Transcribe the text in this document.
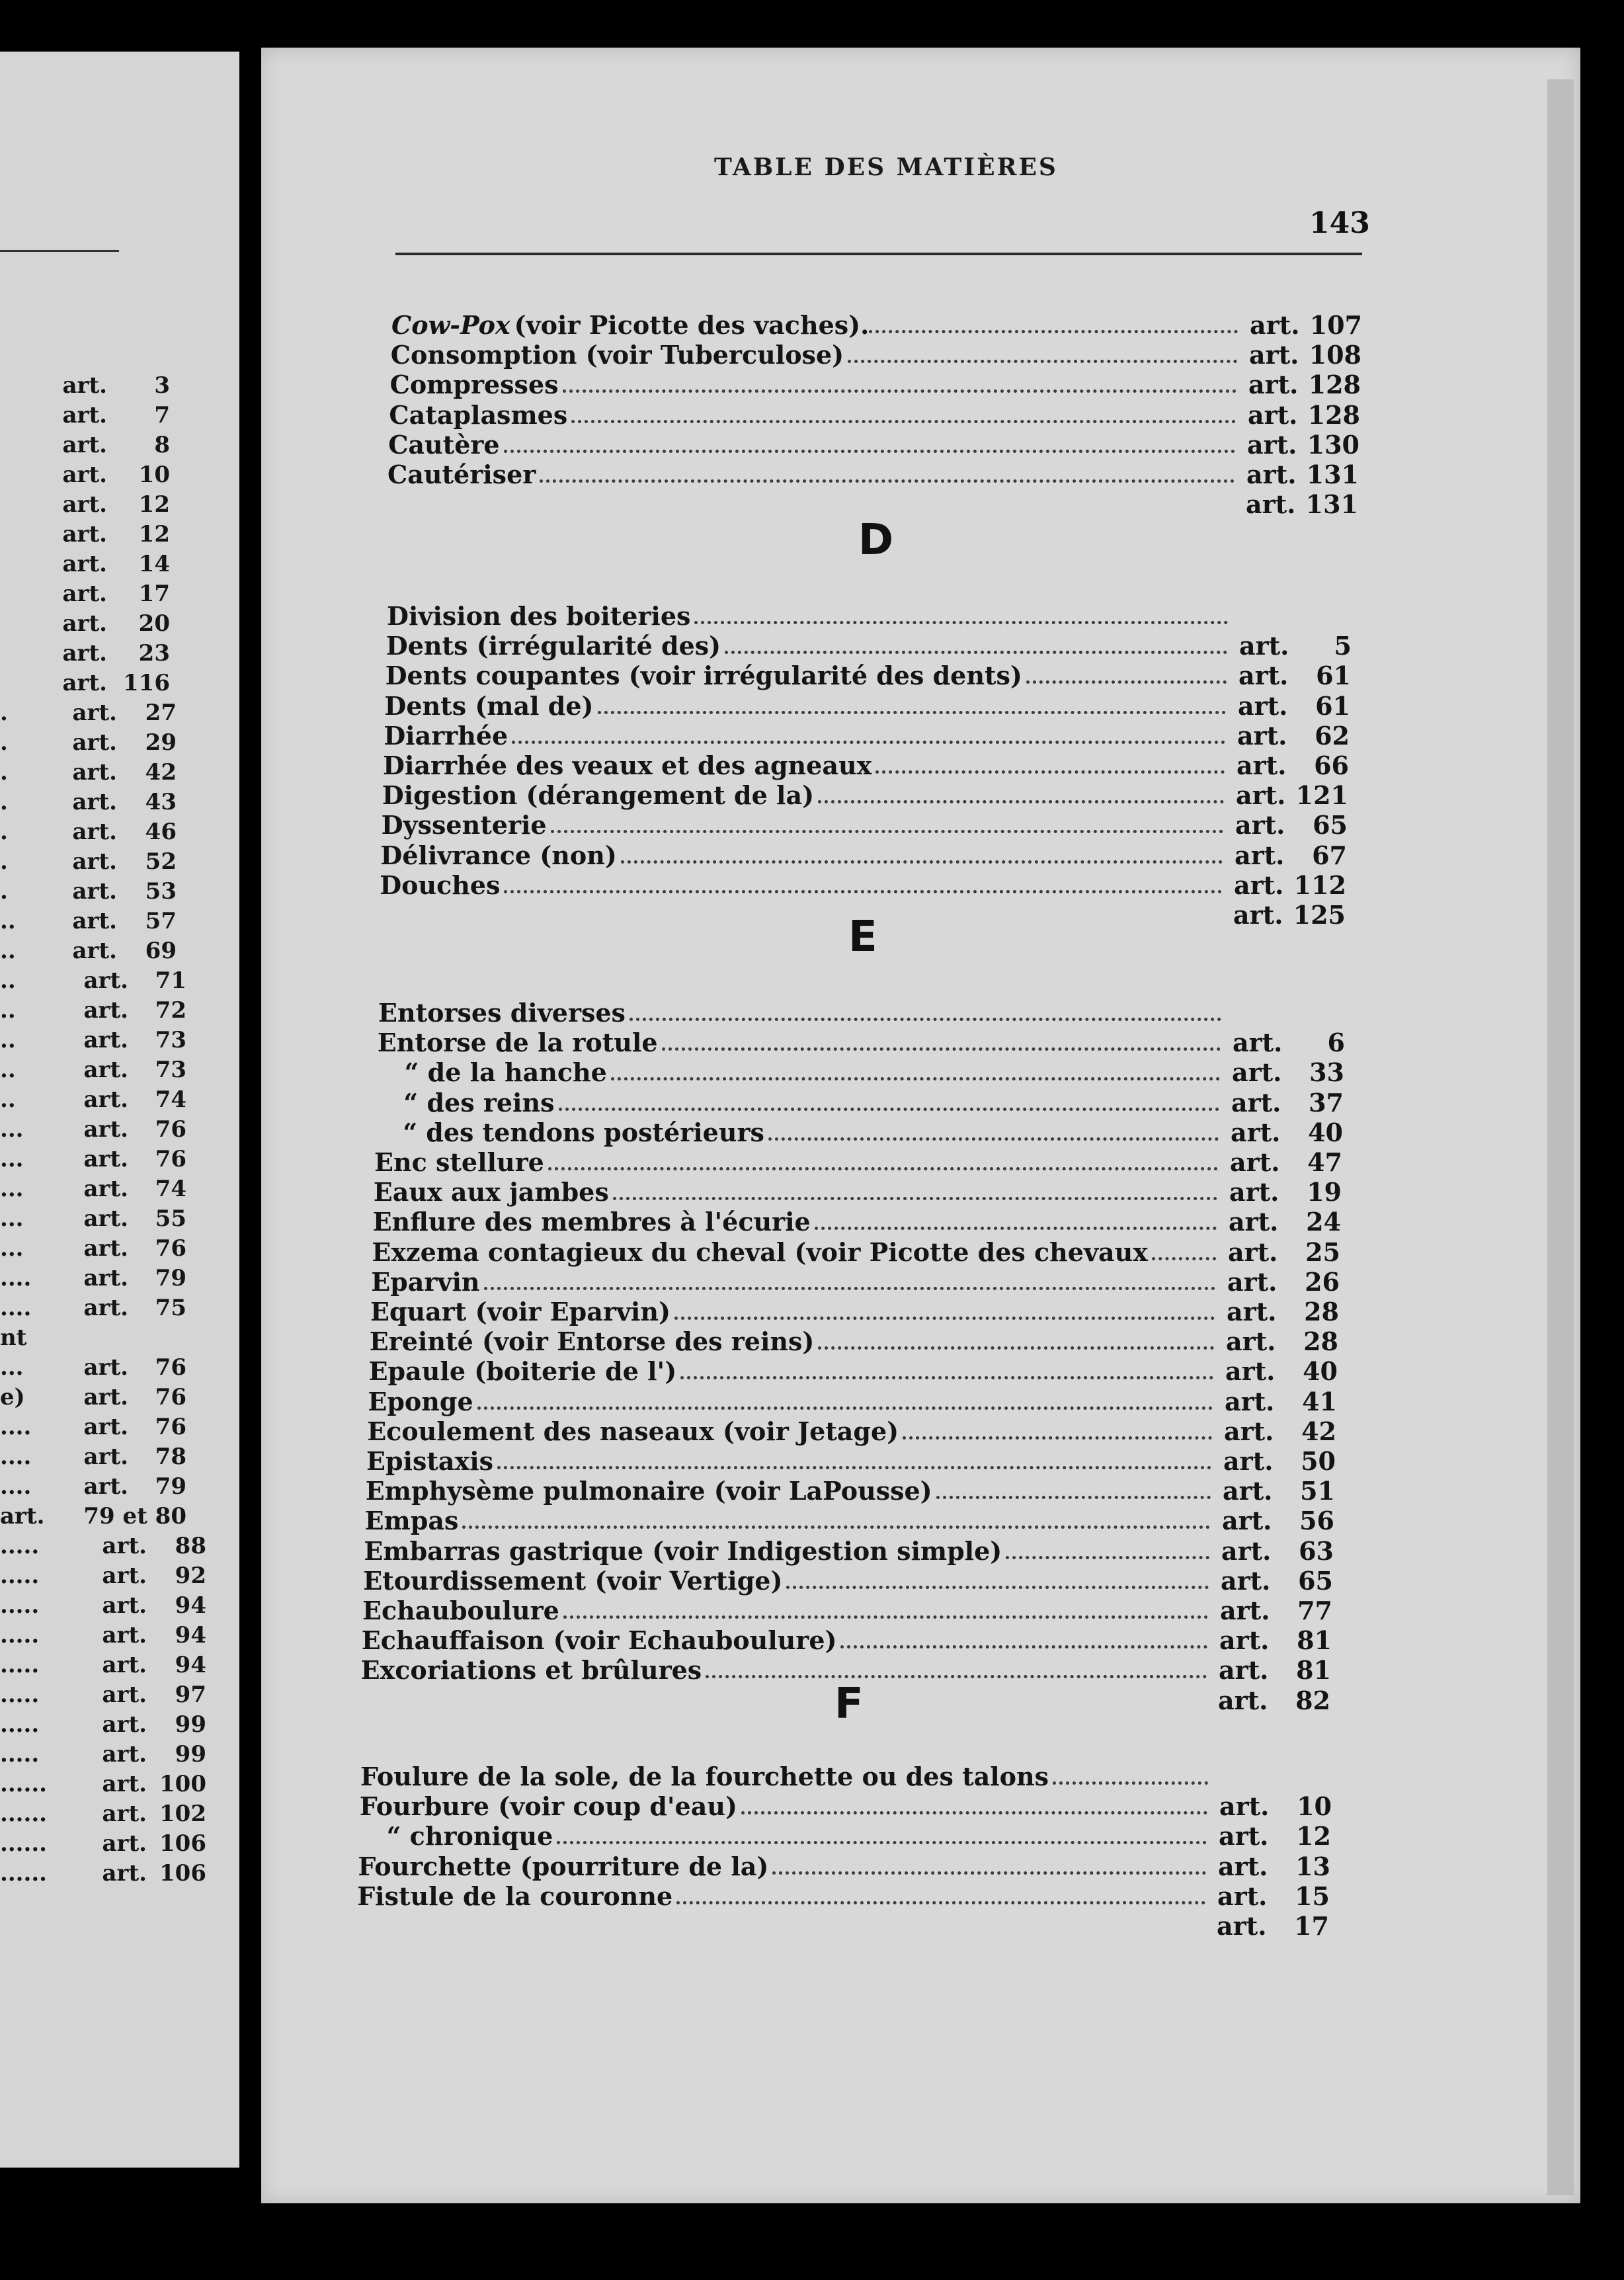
art. 3
art. 7
art. 8
art. 10
art. 12
art. 12
art. 14
art. 17
art. 20
art. 23
art. 116
.	art. 27
.	art. 29
.	art. 42
.	art. 43
.	art. 46
.	art. 52
.	art. 53
..	art. 57
..	art. 69
..	art. 71
..	art. 72
..	art. 73
..	art. 73
..	art. 74
...	art. 76
...	art. 76
...	art. 74
...	art. 55
...	art. 76
.... art. 79
.... art. 75
nt
...	art. 76
e)	art. 76
.... art. 76
.... art. 78
.... art. 79
art. 79 et 80
.....	art. 88
.....	art. 92
.....	art. 94
.....	art. 94
.....	art. 94
.....	art. 97
.....	art. 99
.....	art. 99
...... art. 100
...... art. 102
...... art. 106
...... art. 106
TABLE DES MATIÈRES
143
Cow-Pox (voir Picotte des vaches).	art. 107
Consomption (voir Tuberculose)	art. 108
Compresses	art. 128
Cataplasmes	art. 128
Cautère	art. 130
Cautériser	art. 131
art. 131
D
Division des boiteries
Dents (irrégularité des)	art.	5
Dents coupantes (voir irrégularité des dents)	art.	61
Dents (mal de)	art.	61
Diarrhée	art.	62
Diarrhée des veaux et des agneaux	art.	66
Digestion (dérangement de la)	art. 121
Dyssenterie	art.	65
Délivrance (non)	art.	67
Douches	art. 112
art. 125
E
Entorses diverses
Entorse de la rotule	art.	6
“ de la hanche	art.	33
“ des reins	art.	37
“ des tendons postérieurs	art.	40
Enc stellure	art.	47
Eaux aux jambes	art.	19
Enflure des membres à l'écurie	art.	24
Exzema contagieux du cheval (voir Picotte des chevaux	art.	25
Eparvin	art.	26
Equart (voir Eparvin)	art.	28
Ereinté (voir Entorse des reins)	art.	28
Epaule (boiterie de l')	art.	40
Eponge	art.	41
Ecoulement des naseaux (voir Jetage)	art.	42
Epistaxis	art.	50
Emphysème pulmonaire (voir LaPousse)	art.	51
Empas	art.	56
Embarras gastrique (voir Indigestion simple)	art.	63
Etourdissement (voir Vertige)	art.	65
Echauboulure	art.	77
Echauffaison (voir Echauboulure)	art.	81
Excoriations et brûlures	art.	81
art.	82
F
Foulure de la sole, de la fourchette ou des talons
Fourbure (voir coup d'eau)	art.	10
“ chronique	art.	12
Fourchette (pourriture de la)	art.	13
Fistule de la couronne	art.	15
art.	17
